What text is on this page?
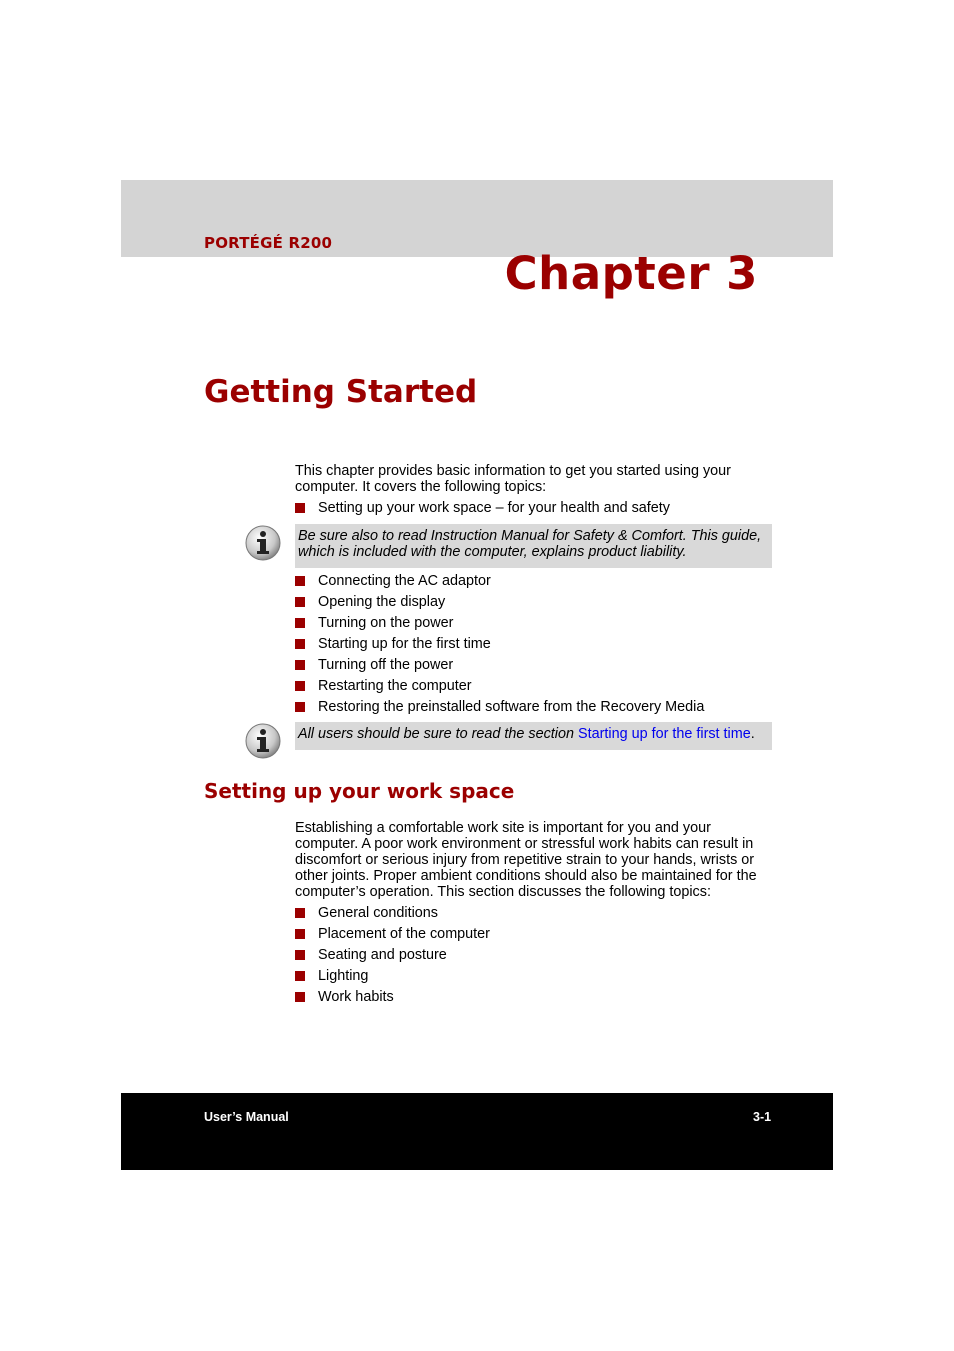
PORTÉGÉ R200
Chapter 3
Getting Started

This chapter provides basic information to get you started using your computer. It covers the following topics:

Setting up your work space – for your health and safety
Be sure also to read Instruction Manual for Safety & Comfort. This guide, which is included with the computer, explains product liability.
Connecting the AC adaptor
Opening the display
Turning on the power
Starting up for the first time
Turning off the power
Restarting the computer
Restoring the preinstalled software from the Recovery Media
All users should be sure to read the section Starting up for the first time.
Setting up your work space

Establishing a comfortable work site is important for you and your computer. A poor work environment or stressful work habits can result in discomfort or serious injury from repetitive strain to your hands, wrists or other joints. Proper ambient conditions should also be maintained for the computer’s operation. This section discusses the following topics:

General conditions
Placement of the computer
Seating and posture
Lighting
Work habits
User’s Manual	3-1
